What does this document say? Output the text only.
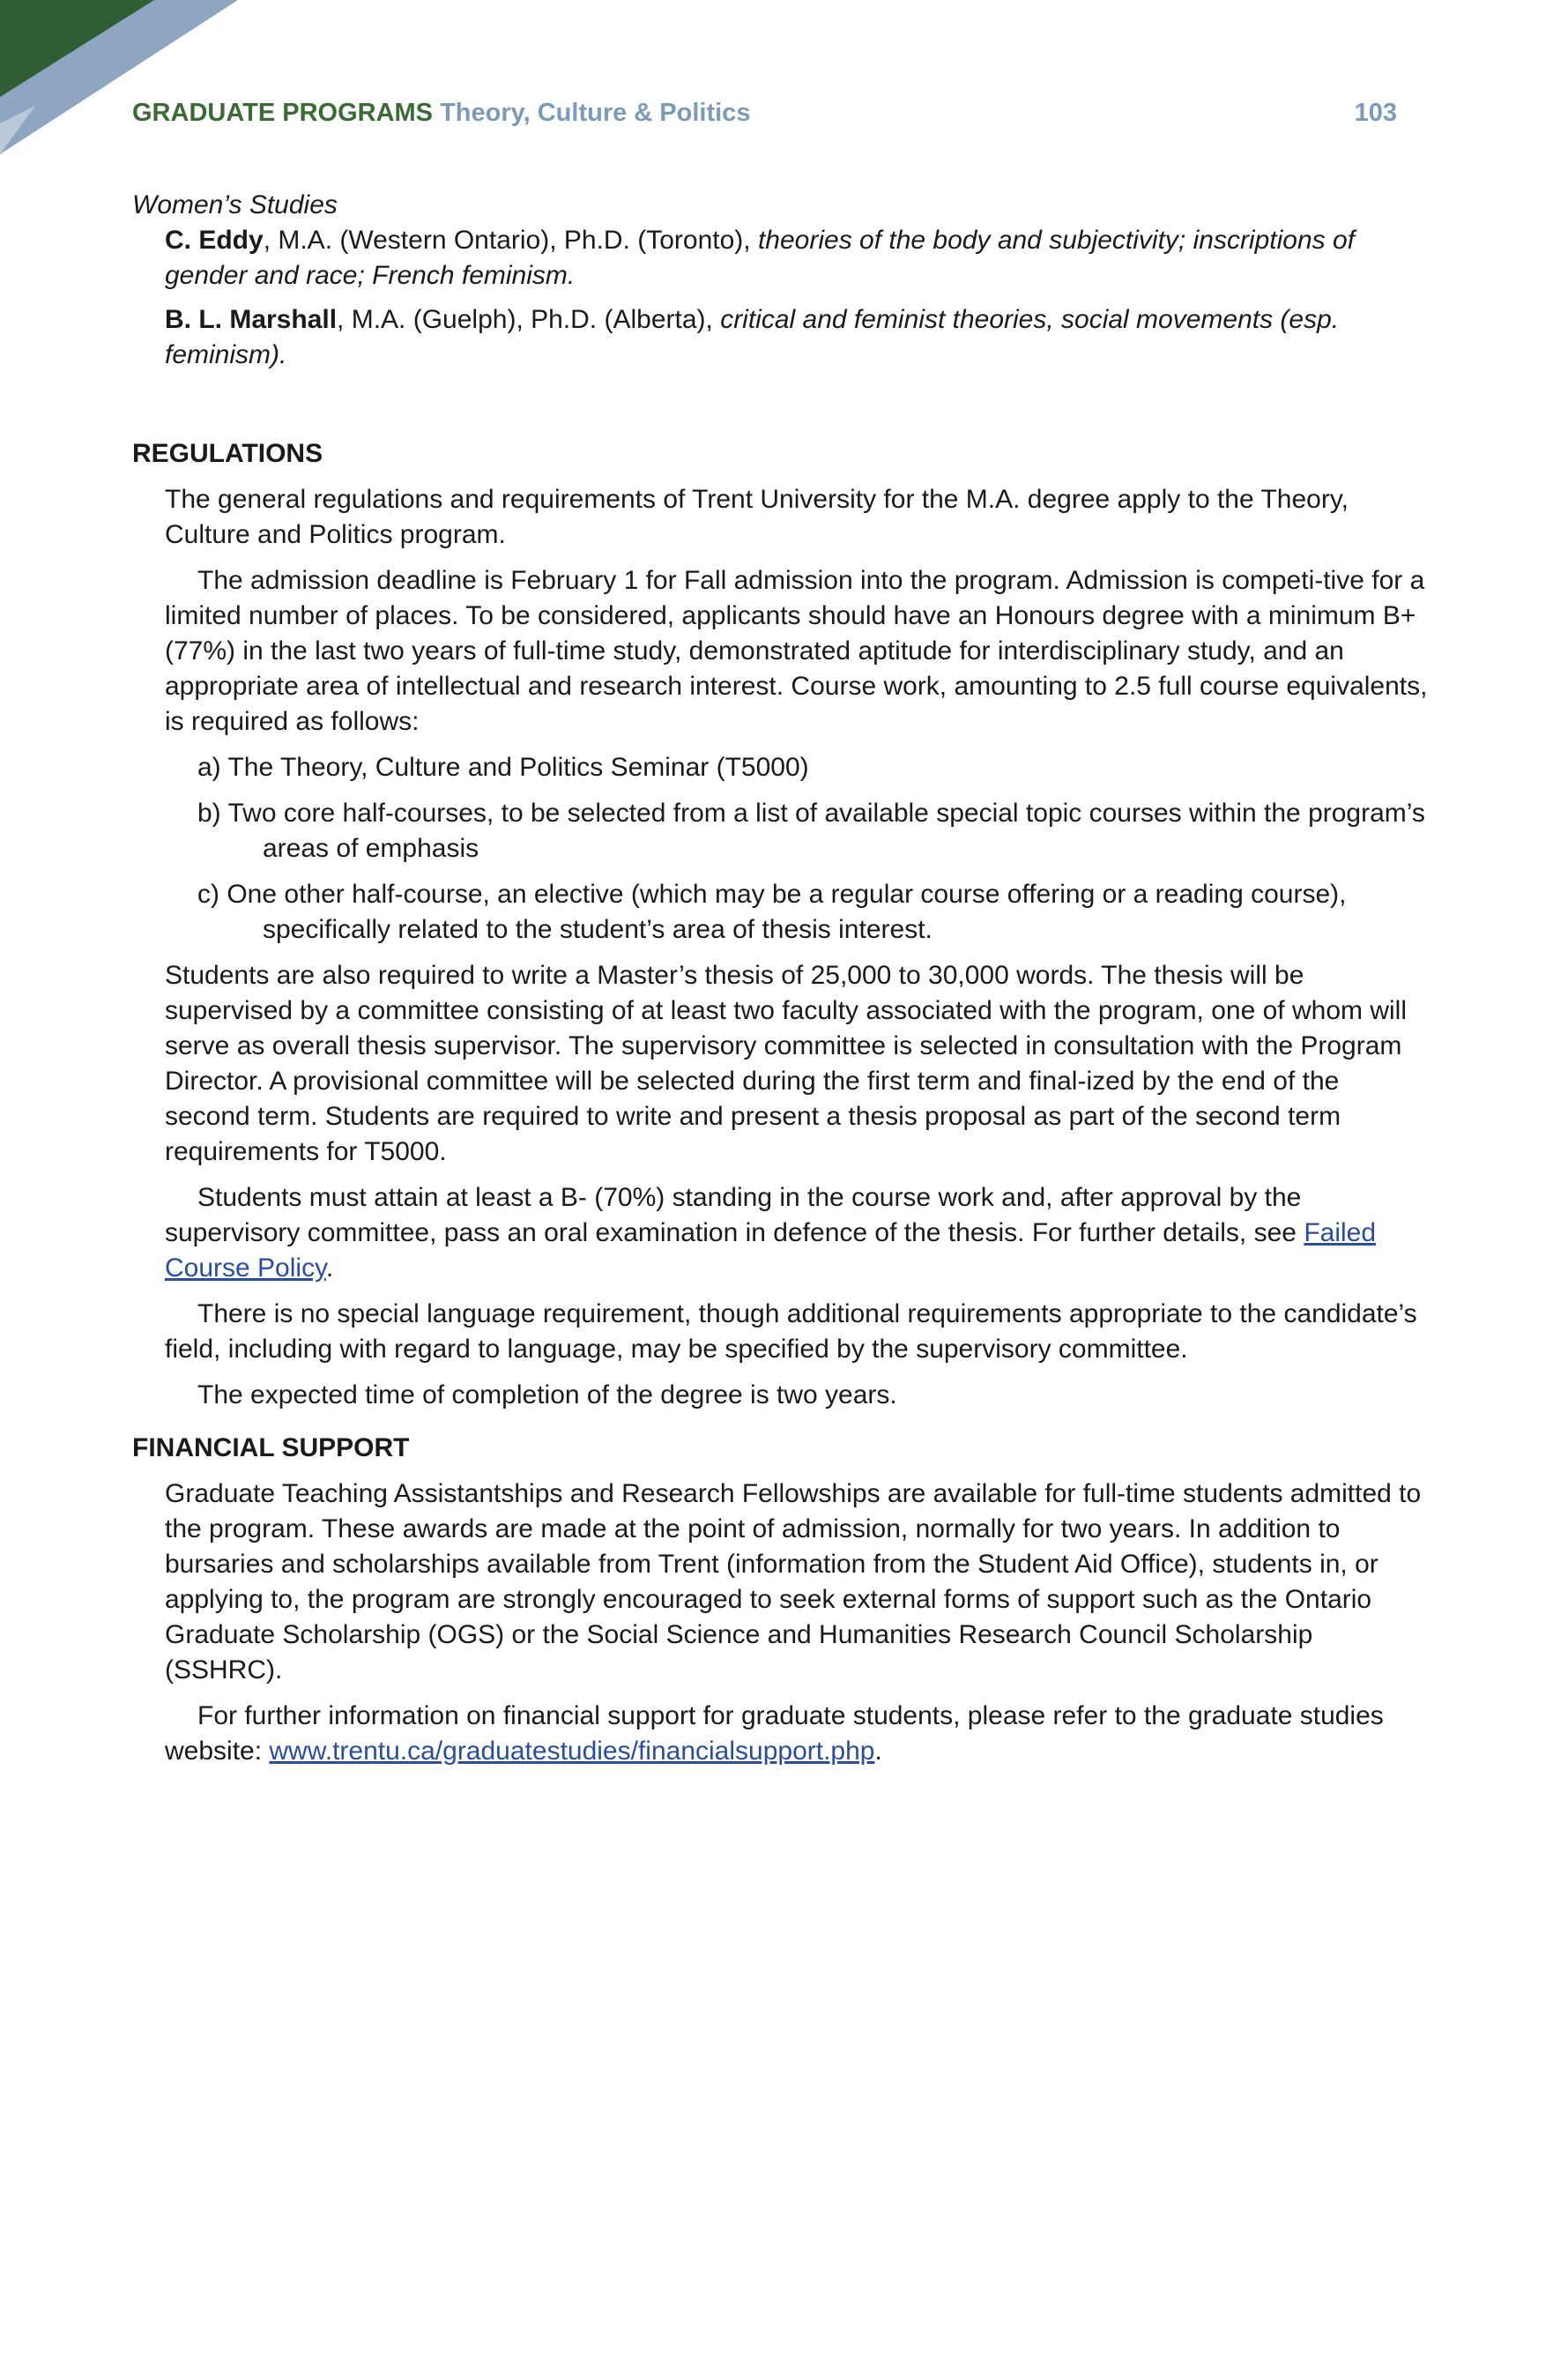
GRADUATE PROGRAMS Theory, Culture & Politics	103

Women’s Studies

C. Eddy, M.A. (Western Ontario), Ph.D. (Toronto), theories of the body and subjectivity; inscriptions of gender and race; French feminism.

B. L. Marshall, M.A. (Guelph), Ph.D. (Alberta), critical and feminist theories, social movements (esp. feminism).

REGULATIONS

The general regulations and requirements of Trent University for the M.A. degree apply to the Theory, Culture and Politics program.

The admission deadline is February 1 for Fall admission into the program. Admission is competi-tive for a limited number of places. To be considered, applicants should have an Honours degree with a minimum B+ (77%) in the last two years of full-time study, demonstrated aptitude for interdisciplinary study, and an appropriate area of intellectual and research interest. Course work, amounting to 2.5 full course equivalents, is required as follows:

a) The Theory, Culture and Politics Seminar (T5000)
b) Two core half-courses, to be selected from a list of available special topic courses within the program’s areas of emphasis
c) One other half-course, an elective (which may be a regular course offering or a reading course), specifically related to the student’s area of thesis interest.

Students are also required to write a Master’s thesis of 25,000 to 30,000 words. The thesis will be supervised by a committee consisting of at least two faculty associated with the program, one of whom will serve as overall thesis supervisor. The supervisory committee is selected in consultation with the Program Director. A provisional committee will be selected during the first term and final-ized by the end of the second term. Students are required to write and present a thesis proposal as part of the second term requirements for T5000.

Students must attain at least a B- (70%) standing in the course work and, after approval by the supervisory committee, pass an oral examination in defence of the thesis. For further details, see Failed Course Policy.

There is no special language requirement, though additional requirements appropriate to the candidate’s field, including with regard to language, may be specified by the supervisory committee.

The expected time of completion of the degree is two years.

FINANCIAL SUPPORT

Graduate Teaching Assistantships and Research Fellowships are available for full-time students admitted to the program. These awards are made at the point of admission, normally for two years. In addition to bursaries and scholarships available from Trent (information from the Student Aid Office), students in, or applying to, the program are strongly encouraged to seek external forms of support such as the Ontario Graduate Scholarship (OGS) or the Social Science and Humanities Research Council Scholarship (SSHRC).

For further information on financial support for graduate students, please refer to the graduate studies website: www.trentu.ca/graduatestudies/financialsupport.php.
